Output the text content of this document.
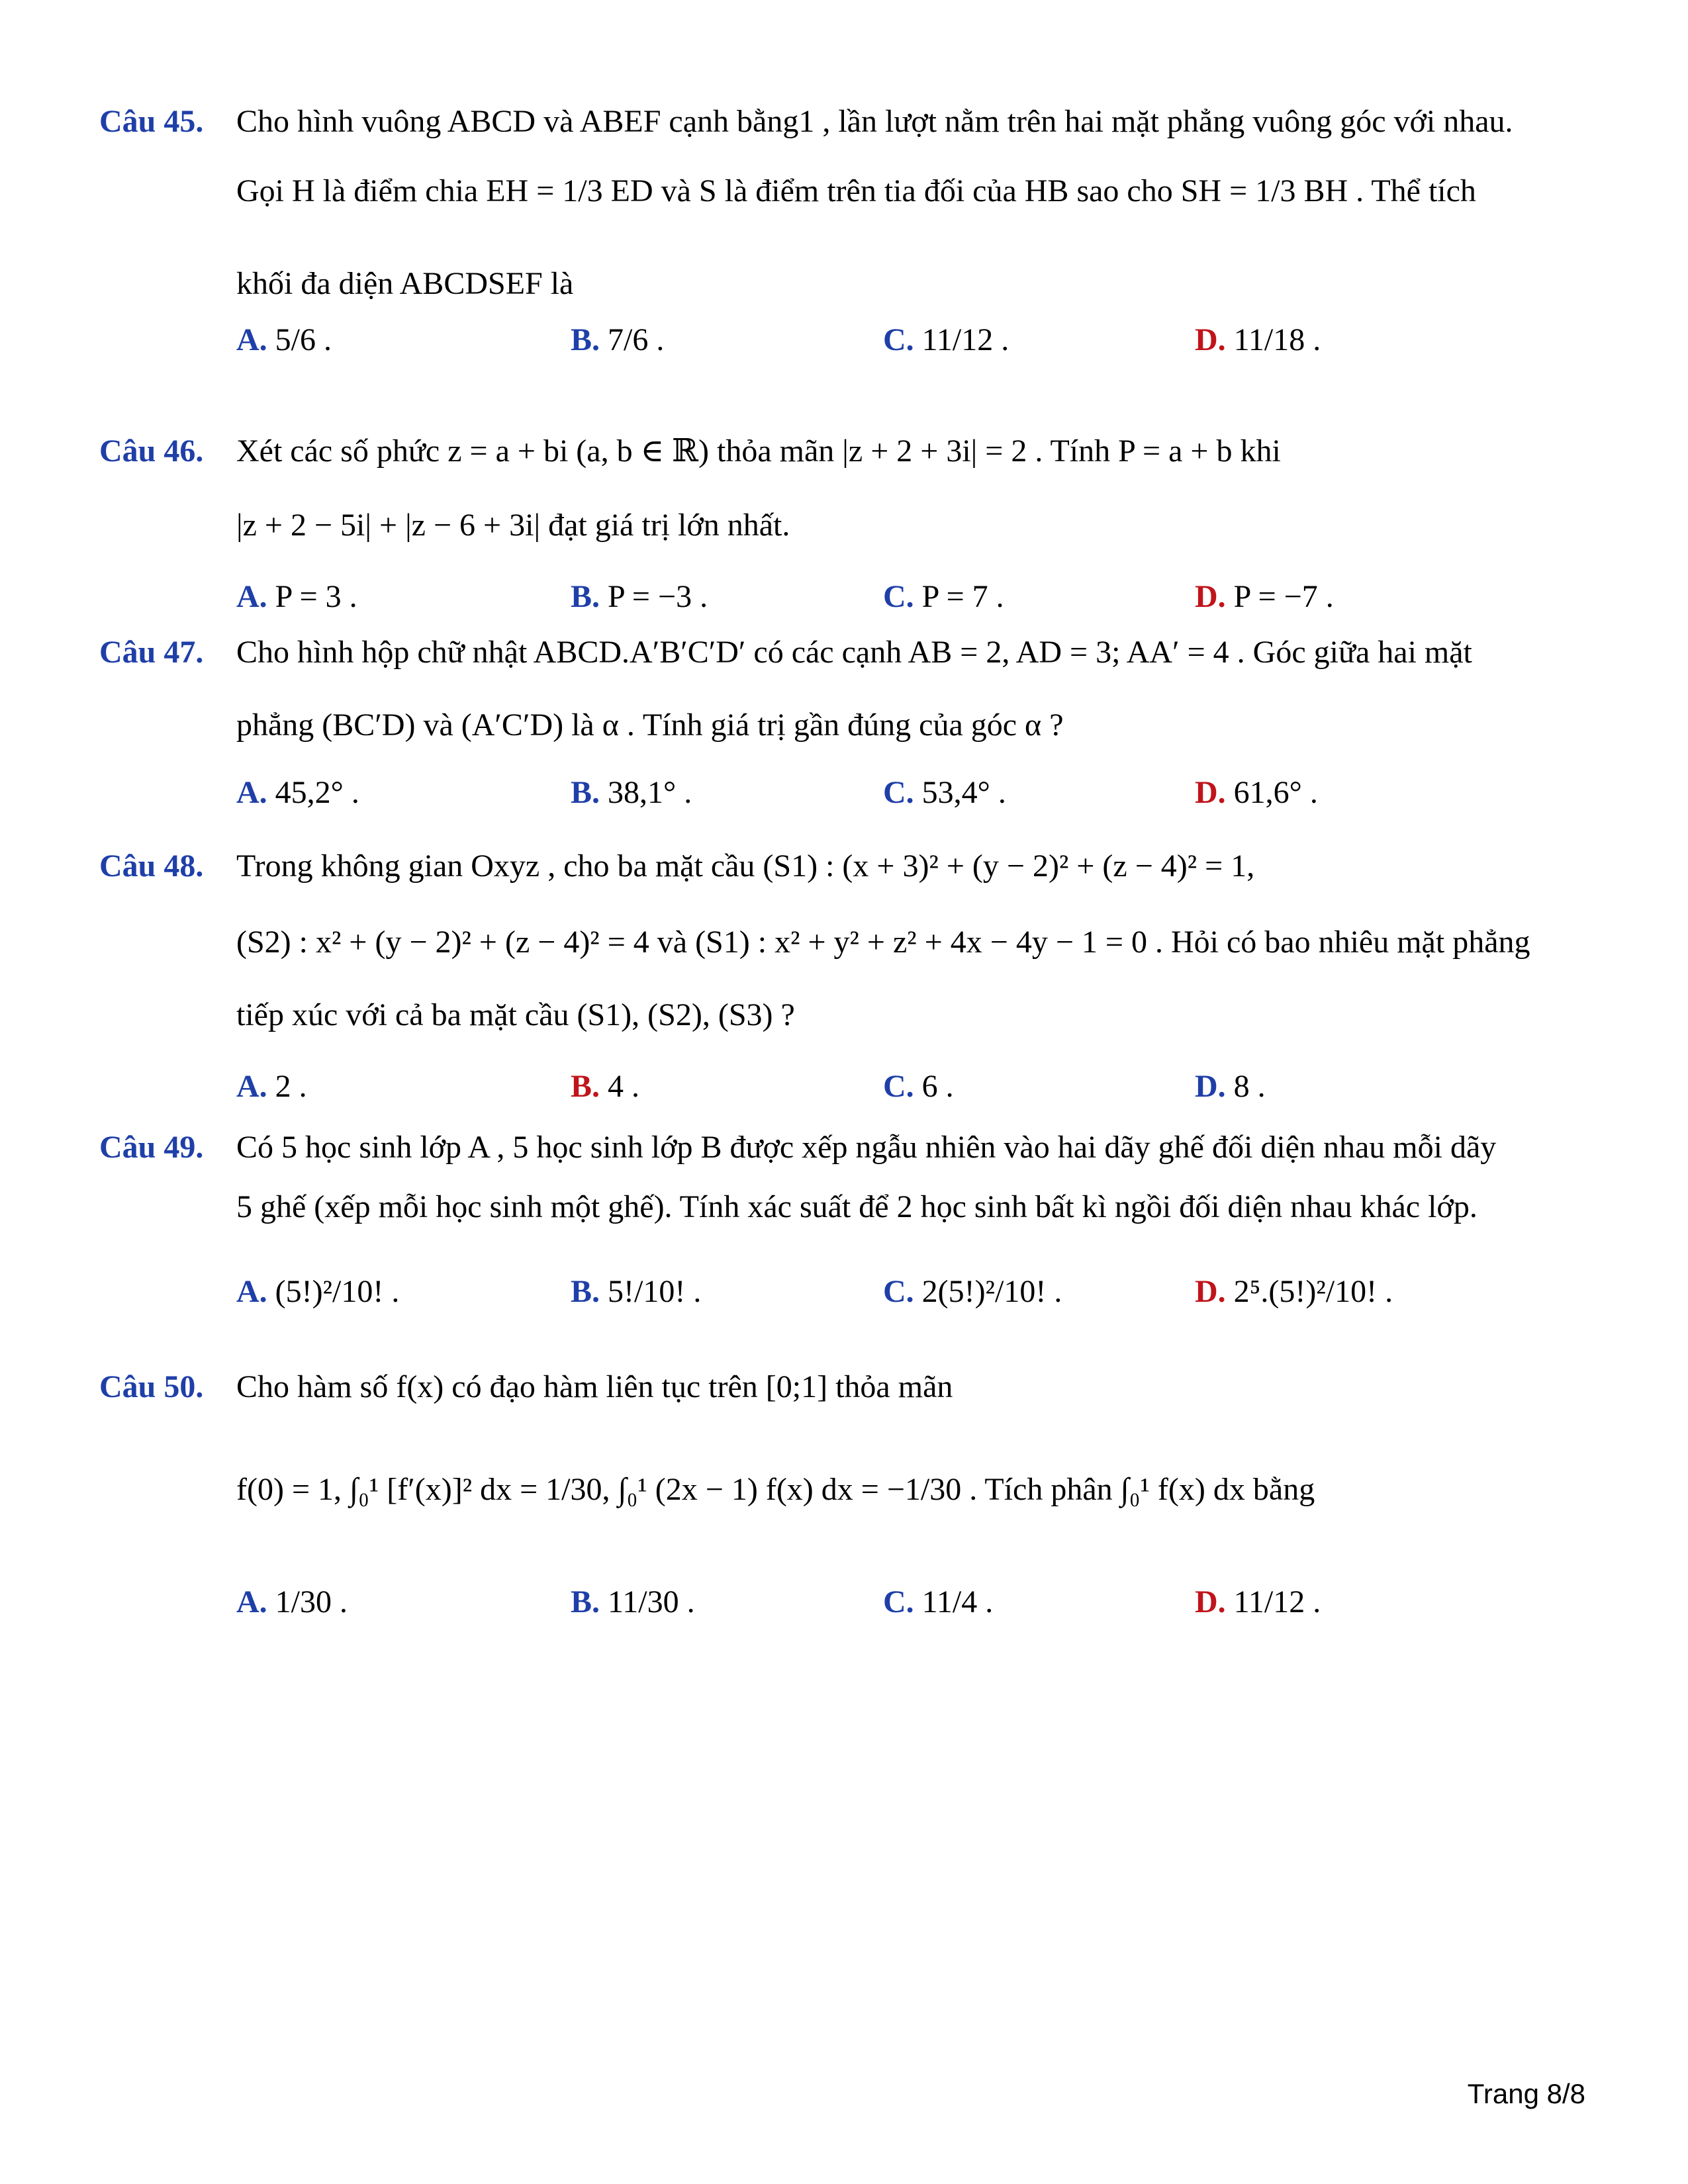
Câu 45. Cho hình vuông ABCD và ABEF cạnh bằng1 , lần lượt nằm trên hai mặt phẳng vuông góc với nhau.
Gọi H là điểm chia EH = 1/3 ED và S là điểm trên tia đối của HB sao cho SH = 1/3 BH . Thể tích
khối đa diện ABCDSEF là
A. 5/6 .	B. 7/6 .	C. 11/12 .	D. 11/18 .
Câu 46. Xét các số phức z = a + bi (a, b ∈ ℝ) thỏa mãn |z + 2 + 3i| = 2 . Tính P = a + b khi
|z + 2 − 5i| + |z − 6 + 3i| đạt giá trị lớn nhất.
A. P = 3 .	B. P = −3 .	C. P = 7 .	D. P = −7 .
Câu 47. Cho hình hộp chữ nhật ABCD.A′B′C′D′ có các cạnh AB = 2, AD = 3; AA′ = 4 . Góc giữa hai mặt
phẳng (BC′D) và (A′C′D) là α . Tính giá trị gần đúng của góc α ?
A. 45,2° .	B. 38,1° .	C. 53,4° .	D. 61,6° .
Câu 48. Trong không gian Oxyz , cho ba mặt cầu (S1) : (x + 3)² + (y − 2)² + (z − 4)² = 1,
(S2) : x² + (y − 2)² + (z − 4)² = 4 và (S1) : x² + y² + z² + 4x − 4y − 1 = 0 . Hỏi có bao nhiêu mặt phẳng
tiếp xúc với cả ba mặt cầu (S1), (S2), (S3) ?
A. 2 .	B. 4 .	C. 6 .	D. 8 .
Câu 49. Có 5 học sinh lớp A , 5 học sinh lớp B được xếp ngẫu nhiên vào hai dãy ghế đối diện nhau mỗi dãy
5 ghế (xếp mỗi học sinh một ghế). Tính xác suất để 2 học sinh bất kì ngồi đối diện nhau khác lớp.
A. (5!)²/10! .	B. 5!/10! .	C. 2(5!)²/10! .	D. 2⁵.(5!)²/10! .
Câu 50. Cho hàm số f(x) có đạo hàm liên tục trên [0;1] thỏa mãn
f(0) = 1, ∫₀¹ [f′(x)]² dx = 1/30, ∫₀¹ (2x − 1) f(x) dx = −1/30 . Tích phân ∫₀¹ f(x) dx bằng
A. 1/30 .	B. 11/30 .	C. 11/4 .	D. 11/12 .
Trang 8/8
